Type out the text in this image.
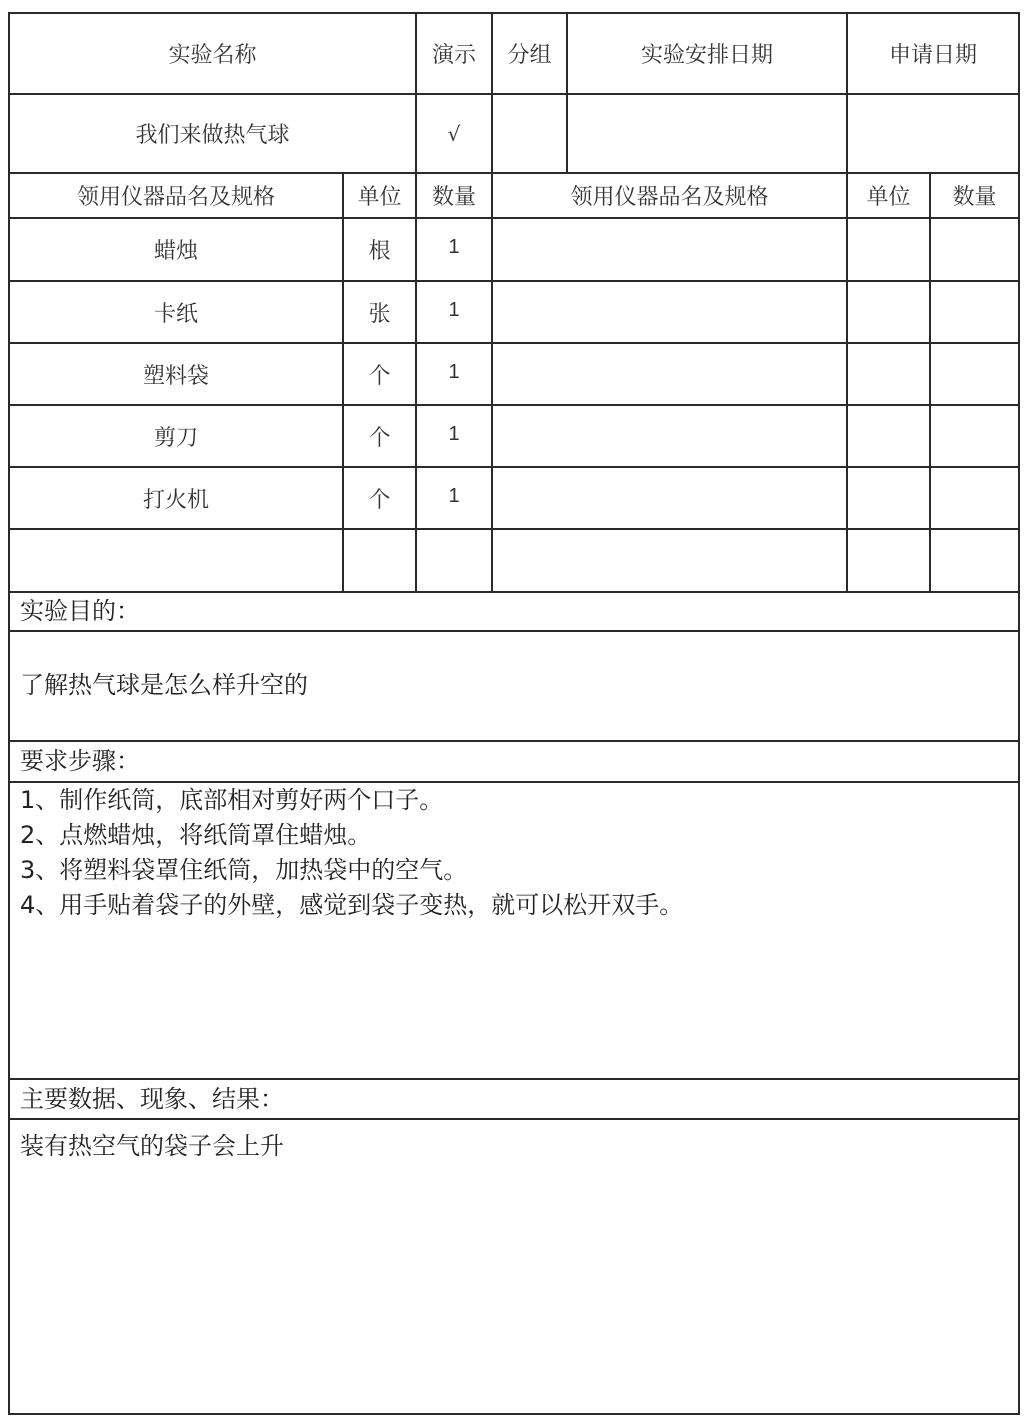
实验名称	演示	分组	实验安排日期	申请日期
我们来做热气球	√
领用仪器品名及规格	单位	数量	领用仪器品名及规格	单位	数量
蜡烛	根	1
卡纸	张	1
塑料袋	个	1
剪刀	个	1
打火机	个	1
实验目的：
了解热气球是怎么样升空的
要求步骤：
1、制作纸筒，底部相对剪好两个口子。
2、点燃蜡烛，将纸筒罩住蜡烛。
3、将塑料袋罩住纸筒，加热袋中的空气。
4、用手贴着袋子的外壁，感觉到袋子变热，就可以松开双手。
主要数据、现象、结果：
装有热空气的袋子会上升
